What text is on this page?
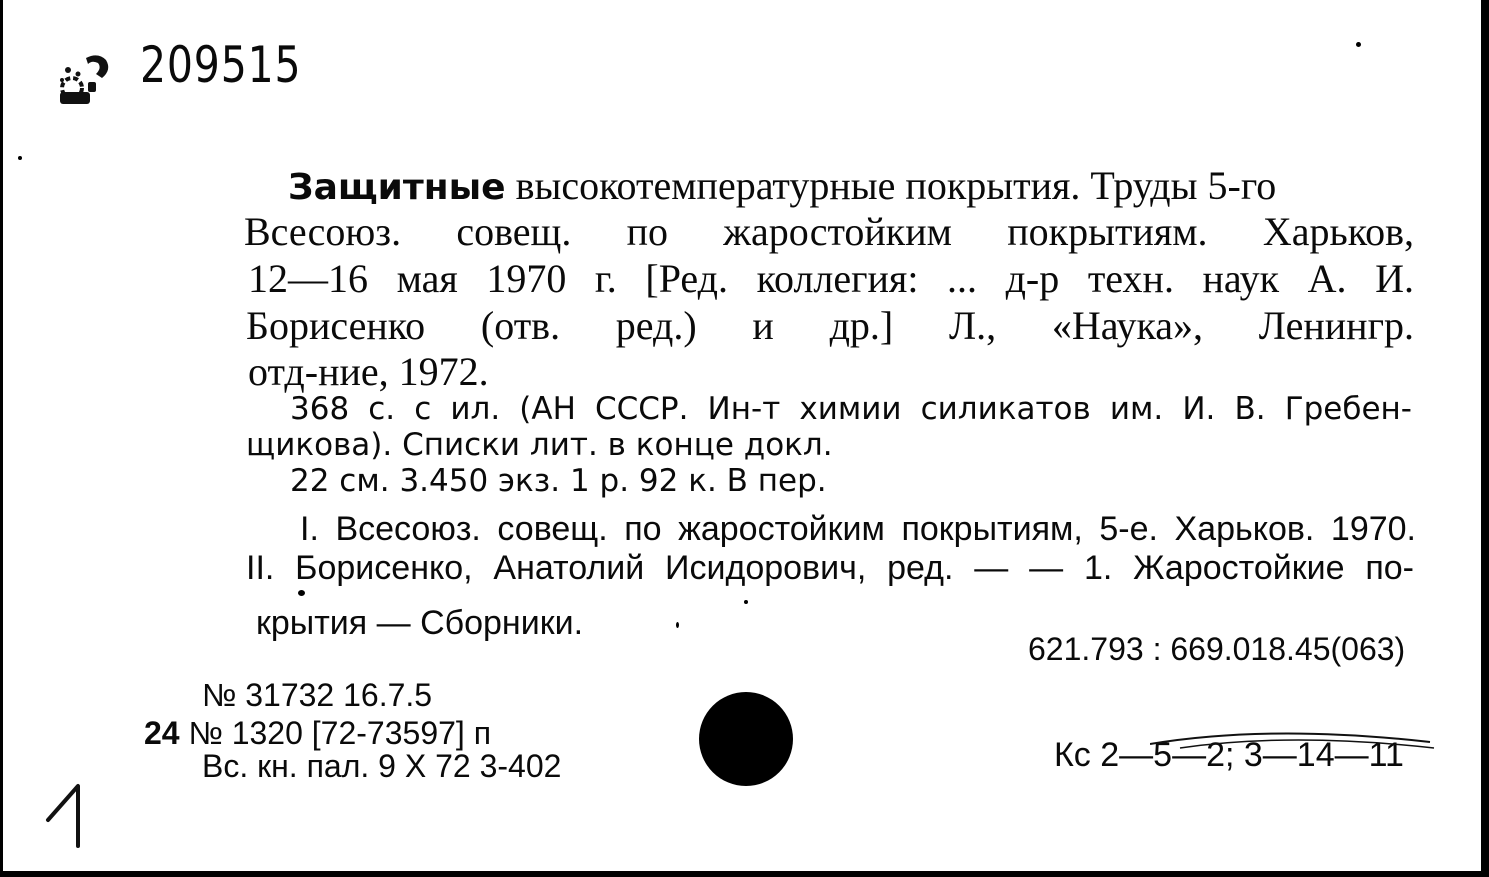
209515
Защитные высокотемпературные покрытия. Труды 5-го
Всесоюз. совещ. по жаростойким покрытиям. Харьков,
12—16 мая 1970 г. [Ред. коллегия: ... д-р техн. наук А. И.
Борисенко (отв. ред.) и др.] Л., «Наука», Ленингр.
отд-ние, 1972.
368 с. с ил. (АН СССР. Ин-т химии силикатов им. И. В. Гребен-
щикова). Списки лит. в конце докл.
22 см. 3.450 экз. 1 р. 92 к. В пер.
I. Всесоюз. совещ. по жаростойким покрытиям, 5-е. Харьков. 1970.
II. Борисенко, Анатолий Исидорович, ред. — — 1. Жаростойкие по-
крытия — Сборники.
621.793 : 669.018.45(063)
№ 31732 16.7.5
24 № 1320 [72-73597] п
Вс. кн. пал. 9 X 72 3-402	Кс 2—5—2; 3—14—11
